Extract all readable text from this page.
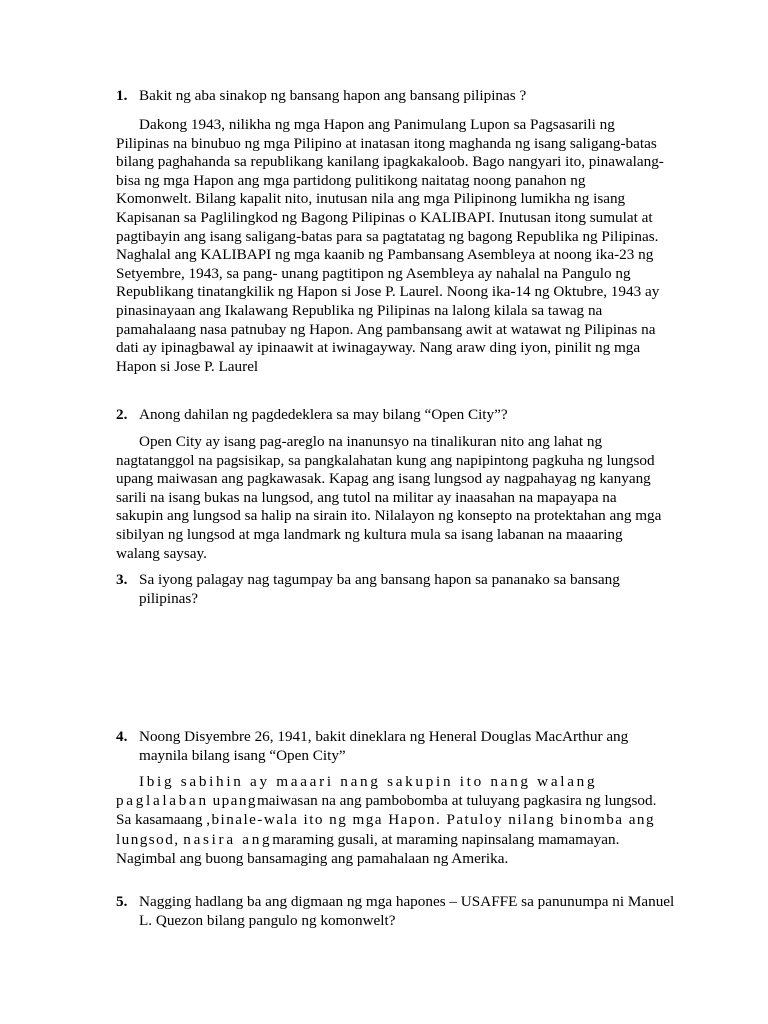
1. Bakit ng aba sinakop ng bansang hapon ang bansang pilipinas ?

Dakong 1943, nilikha ng mga Hapon ang Panimulang Lupon sa Pagsasarili ng Pilipinas na binubuo ng mga Pilipino at inatasan itong maghanda ng isang saligang-batas bilang paghahanda sa republikang kanilang ipagkakaloob. Bago nangyari ito, pinawalang-bisa ng mga Hapon ang mga partidong pulitikong naitatag noong panahon ng Komonwelt. Bilang kapalit nito, inutusan nila ang mga Pilipinong lumikha ng isang Kapisanan sa Paglilingkod ng Bagong Pilipinas o KALIBAPI. Inutusan itong sumulat at pagtibayin ang isang saligang-batas para sa pagtatatag ng bagong Republika ng Pilipinas. Naghalal ang KALIBAPI ng mga kaanib ng Pambansang Asembleya at noong ika-23 ng Setyembre, 1943, sa pang- unang pagtitipon ng Asembleya ay nahalal na Pangulo ng Republikang tinatangkilik ng Hapon si Jose P. Laurel. Noong ika-14 ng Oktubre, 1943 ay pinasinayaan ang Ikalawang Republika ng Pilipinas na lalong kilala sa tawag na pamahalaang nasa patnubay ng Hapon. Ang pambansang awit at watawat ng Pilipinas na dati ay ipinagbawal ay ipinaawit at iwinagayway. Nang araw ding iyon, pinilit ng mga Hapon si Jose P. Laurel

2. Anong dahilan ng pagdedeklera sa may bilang “Open City”?

Open City ay isang pag-areglo na inanunsyo na tinalikuran nito ang lahat ng nagtatanggol na pagsisikap, sa pangkalahatan kung ang napipintong pagkuha ng lungsod upang maiwasan ang pagkawasak. Kapag ang isang lungsod ay nagpahayag ng kanyang sarili na isang bukas na lungsod, ang tutol na militar ay inaasahan na mapayapa na sakupin ang lungsod sa halip na sirain ito. Nilalayon ng konsepto na protektahan ang mga sibilyan ng lungsod at mga landmark ng kultura mula sa isang labanan na maaaring walang saysay.

3. Sa iyong palagay nag tagumpay ba ang bansang hapon sa pananako sa bansang pilipinas?
4. Noong Disyembre 26, 1941, bakit dineklara ng Heneral Douglas MacArthur ang maynila bilang isang “Open City”

Ibig sabihin ay maaari nang sakupin ito nang walang paglalaban upangmaiwasan na ang pambobomba at tuluyang pagkasira ng lungsod. Sa kasamaang ,binale-wala ito ng mga Hapon. Patuloy nilang binomba ang lungsod, nasira angmaraming gusali, at maraming napinsalang mamamayan. Nagimbal ang buong bansamaging ang pamahalaan ng Amerika.

5. Nagging hadlang ba ang digmaan ng mga hapones – USAFFE sa panunumpa ni Manuel L. Quezon bilang pangulo ng komonwelt?
